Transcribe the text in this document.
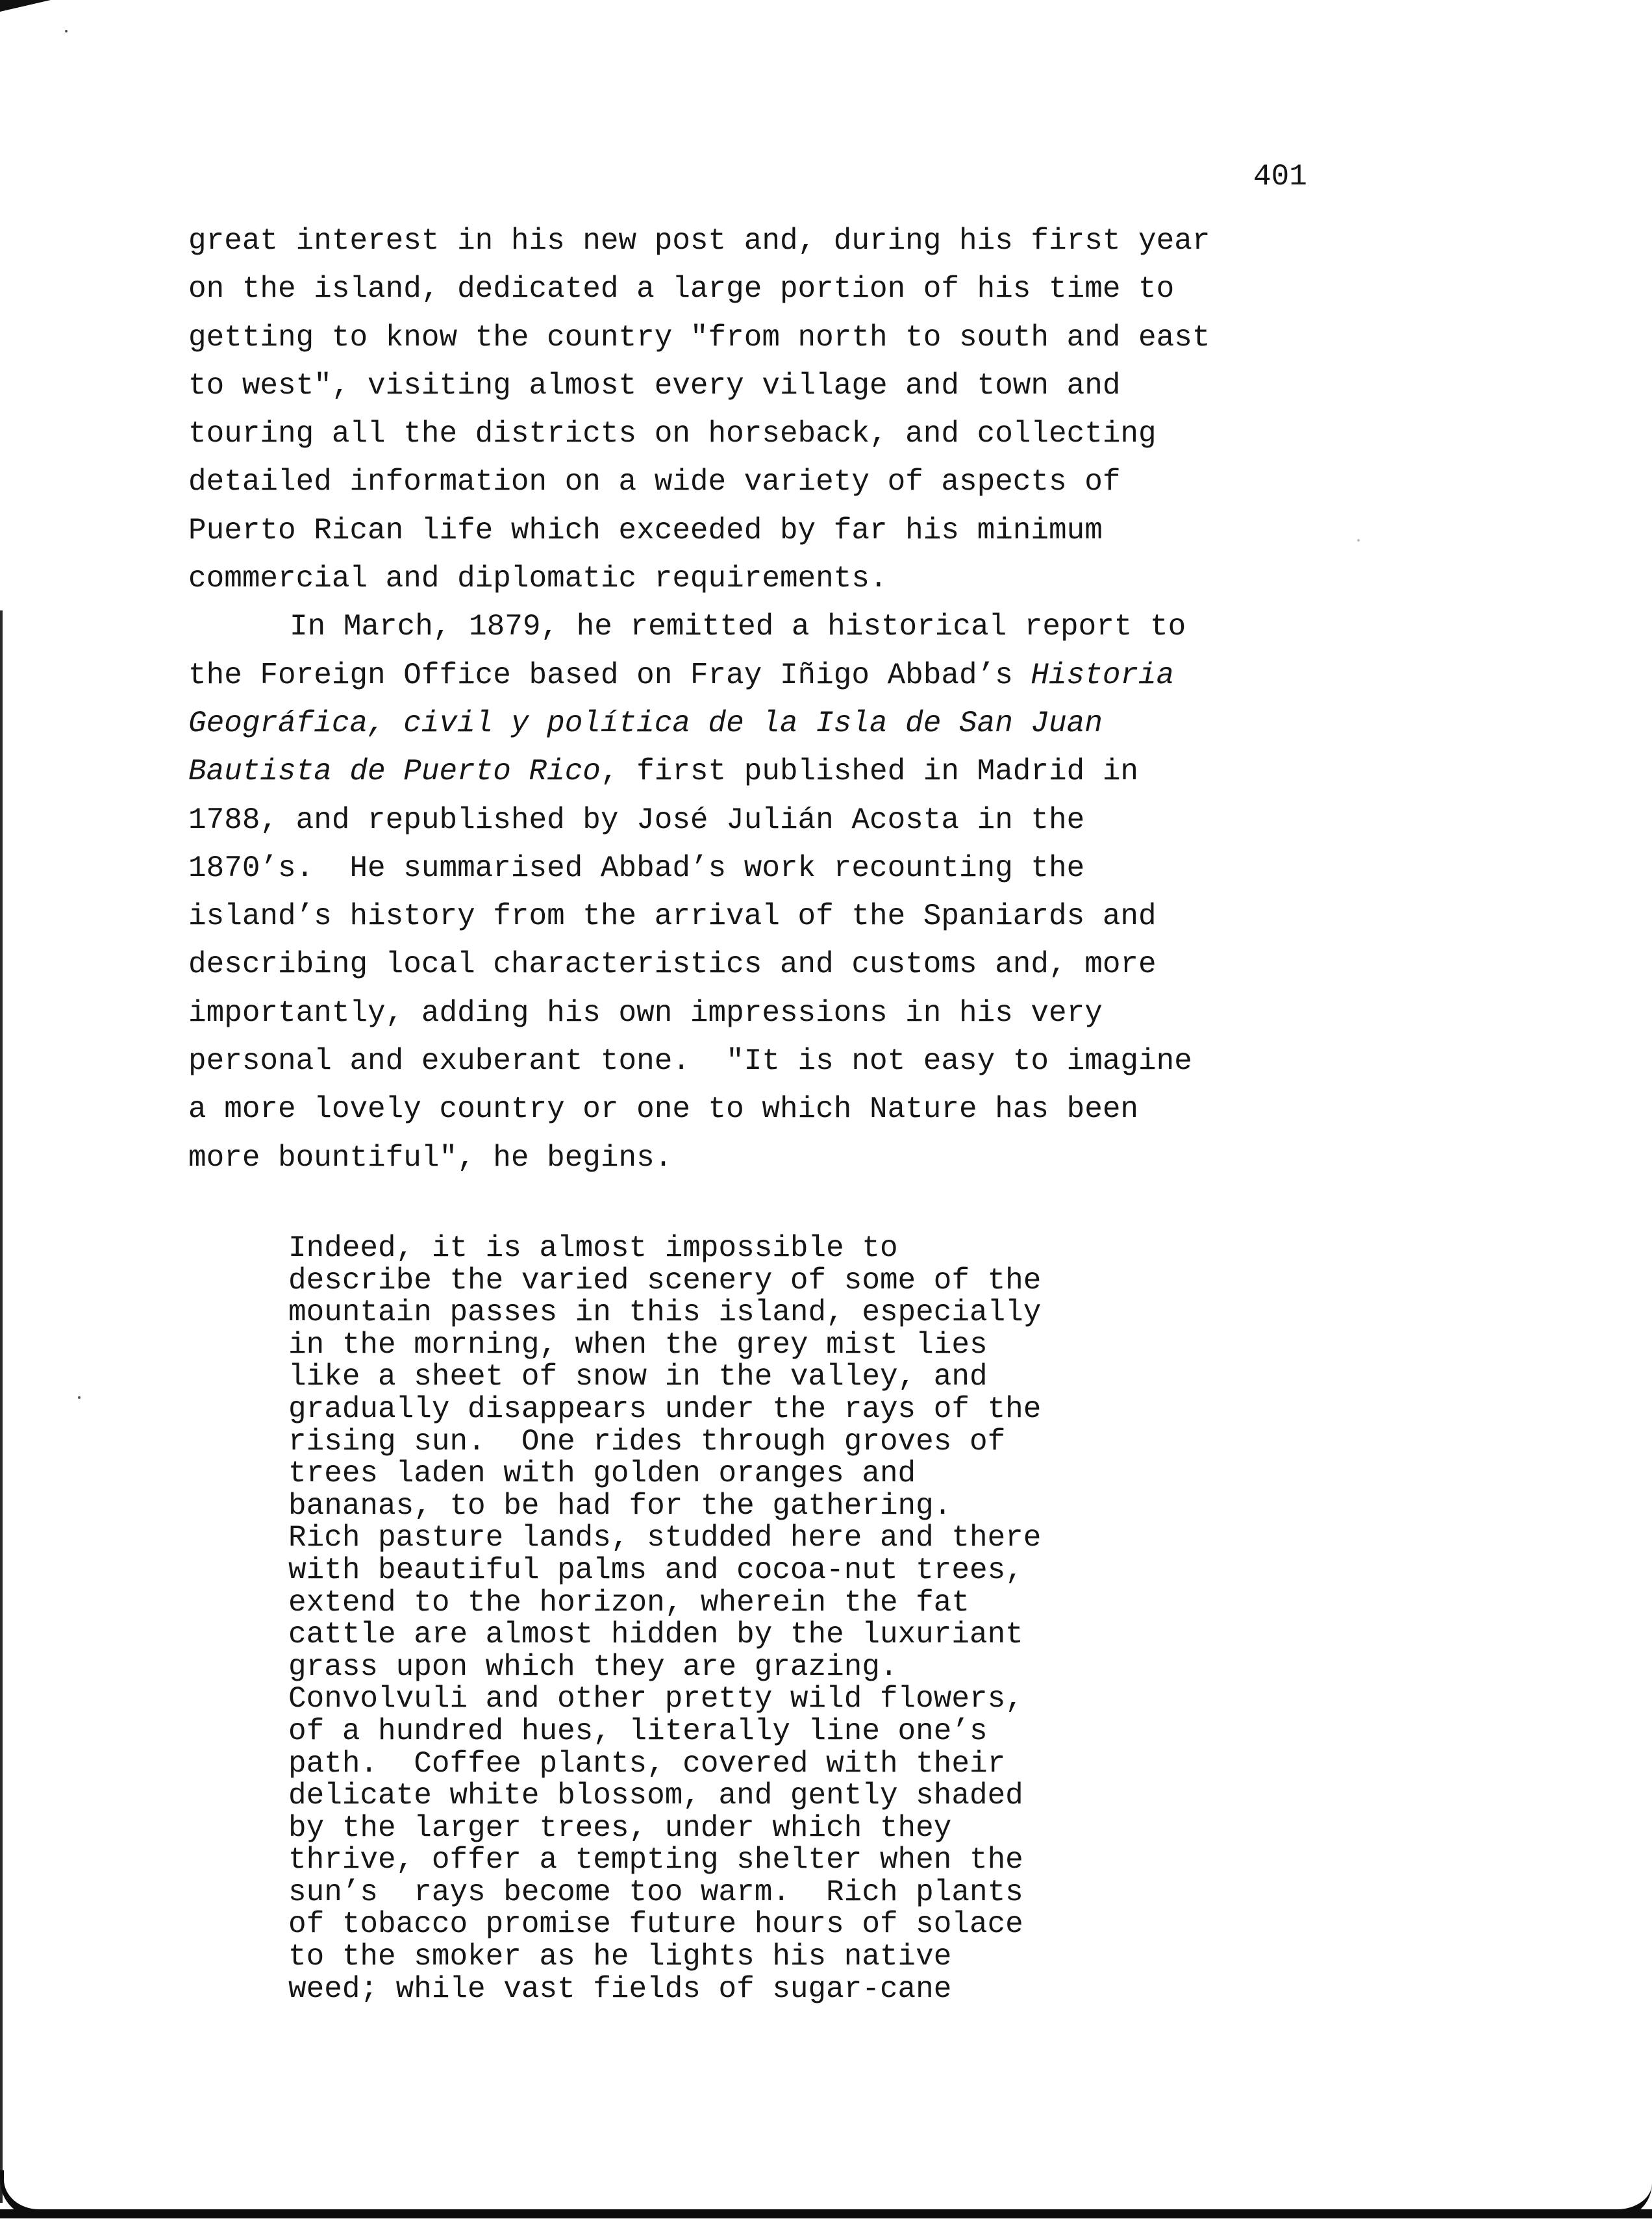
401
great interest in his new post and, during his first year
on the island, dedicated a large portion of his time to
getting to know the country "from north to south and east
to west", visiting almost every village and town and
touring all the districts on horseback, and collecting
detailed information on a wide variety of aspects of
Puerto Rican life which exceeded by far his minimum
commercial and diplomatic requirements.
In March, 1879, he remitted a historical report to
the Foreign Office based on Fray Iñigo Abbad’s Historia
Geográfica, civil y política de la Isla de San Juan
Bautista de Puerto Rico, first published in Madrid in
1788, and republished by José Julián Acosta in the
1870’s.  He summarised Abbad’s work recounting the
island’s history from the arrival of the Spaniards and
describing local characteristics and customs and, more
importantly, adding his own impressions in his very
personal and exuberant tone.  "It is not easy to imagine
a more lovely country or one to which Nature has been
more bountiful", he begins.
Indeed, it is almost impossible to
describe the varied scenery of some of the
mountain passes in this island, especially
in the morning, when the grey mist lies
like a sheet of snow in the valley, and
gradually disappears under the rays of the
rising sun.  One rides through groves of
trees laden with golden oranges and
bananas, to be had for the gathering.
Rich pasture lands, studded here and there
with beautiful palms and cocoa-nut trees,
extend to the horizon, wherein the fat
cattle are almost hidden by the luxuriant
grass upon which they are grazing.
Convolvuli and other pretty wild flowers,
of a hundred hues, literally line one’s
path.  Coffee plants, covered with their
delicate white blossom, and gently shaded
by the larger trees, under which they
thrive, offer a tempting shelter when the
sun’s  rays become too warm.  Rich plants
of tobacco promise future hours of solace
to the smoker as he lights his native
weed; while vast fields of sugar-cane
